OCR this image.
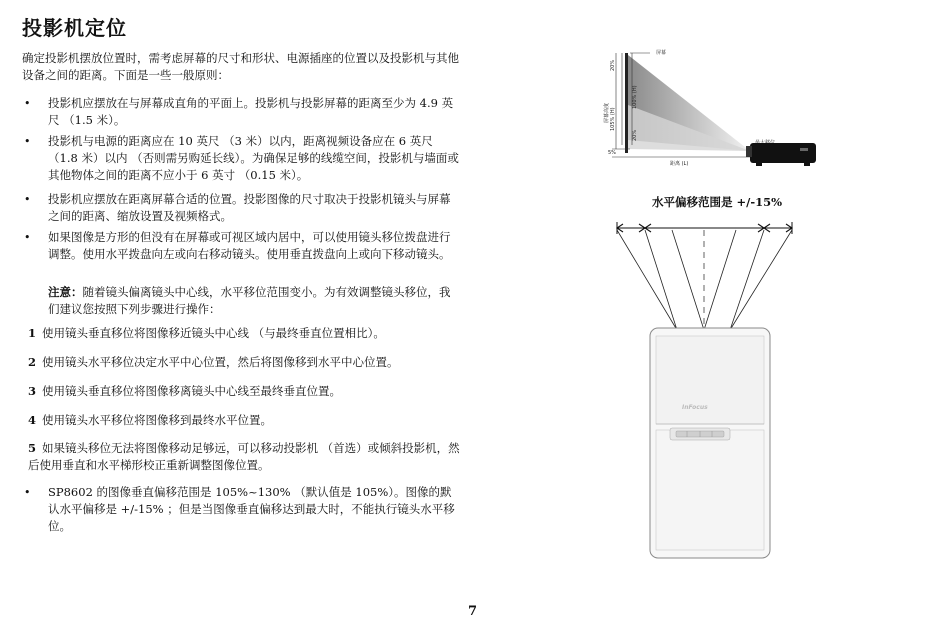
投影机定位
确定投影机摆放位置时，需考虑屏幕的尺寸和形状、电源插座的位置以及投影机与其他设备之间的距离。下面是一些一般原则：
• 投影机应摆放在与屏幕成直角的平面上。投影机与投影屏幕的距离至少为 4.9 英尺 （1.5 米）。
• 投影机与电源的距离应在 10 英尺 （3 米）以内，距离视频设备应在 6 英尺 （1.8 米）以内 （否则需另购延长线）。为确保足够的线缆空间，投影机与墙面或其他物体之间的距离不应小于 6 英寸 （0.15 米）。
• 投影机应摆放在距离屏幕合适的位置。投影图像的尺寸取决于投影机镜头与屏幕之间的距离、缩放设置及视频格式。
• 如果图像是方形的但没有在屏幕或可视区域内居中，可以使用镜头移位拨盘进行调整。使用水平拨盘向左或向右移动镜头。使用垂直拨盘向上或向下移动镜头。
注意：随着镜头偏离镜头中心线，水平移位范围变小。为有效调整镜头移位，我们建议您按照下列步骤进行操作：
1 使用镜头垂直移位将图像移近镜头中心线 （与最终垂直位置相比）。
2 使用镜头水平移位决定水平中心位置，然后将图像移到水平中心位置。
3 使用镜头垂直移位将图像移离镜头中心线至最终垂直位置。
4 使用镜头水平移位将图像移到最终水平位置。
5 如果镜头移位无法将图像移动足够远，可以移动投影机 （首选）或倾斜投影机，然后使用垂直和水平梯形校正重新调整图像位置。
• SP8602 的图像垂直偏移范围是 105%~130% （默认值是 105%）。图像的默认水平偏移是 +/-15% ；但是当图像垂直偏移达到最大时，不能执行镜头水平移位。
屏幕
20%
100% (H)
105% (H)
屏幕高度
20%
5%
距离 (L)
水平偏移范围是 +/-15%
InFocus
7
